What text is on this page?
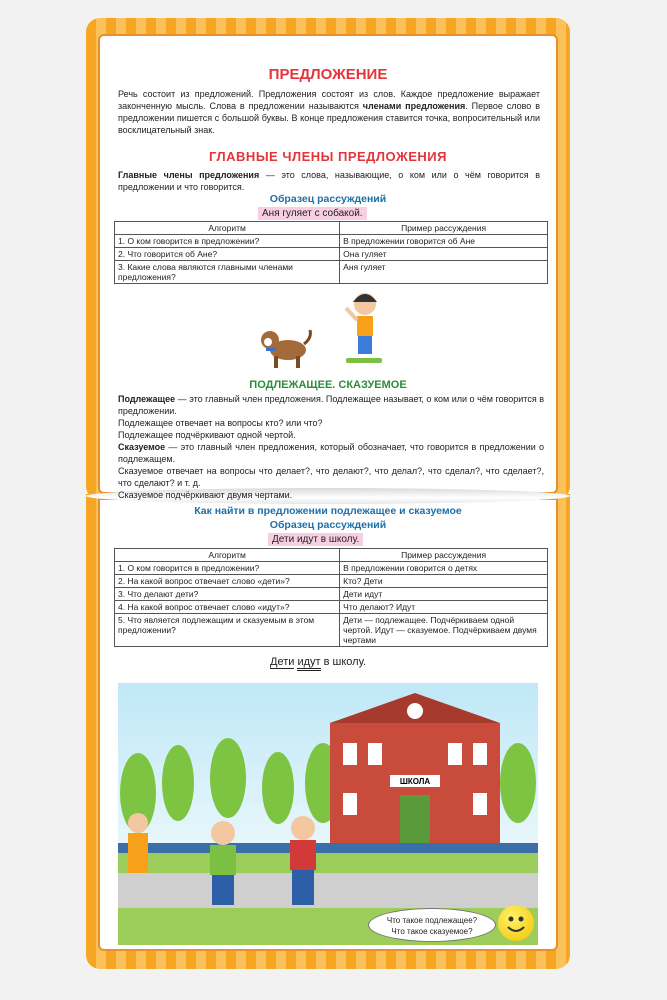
ПРЕДЛОЖЕНИЕ
Речь состоит из предложений. Предложения состоят из слов. Каждое предложение выражает законченную мысль. Слова в предложении называются членами предложения. Первое слово в предложении пишется с большой буквы. В конце предложения ставится точка, вопросительный или восклицательный знак.
ГЛАВНЫЕ ЧЛЕНЫ ПРЕДЛОЖЕНИЯ
Главные члены предложения — это слова, называющие, о ком или о чём говорится в предложении и что говорится.
Образец рассуждений
Аня гуляет с собакой.
Алгоритм	Пример рассуждения
1. О ком говорится в предложении?	В предложении говорится об Ане
2. Что говорится об Ане?	Она гуляет
3. Какие слова являются главными членами предложения?	Аня гуляет
ПОДЛЕЖАЩЕЕ. СКАЗУЕМОЕ
Подлежащее — это главный член предложения. Подлежащее называет, о ком или о чём говорится в предложении.
Подлежащее отвечает на вопросы кто? или что?
Подлежащее подчёркивают одной чертой.
Сказуемое — это главный член предложения, который обозначает, что говорится в предложении о подлежащем.
Сказуемое отвечает на вопросы что делает?, что делают?, что делал?, что сделал?, что сделает?, что сделают? и т. д.
Сказуемое подчёркивают двумя чертами.
Как найти в предложении подлежащее и сказуемое
Образец рассуждений
Дети идут в школу.
Алгоритм	Пример рассуждения
1. О ком говорится в предложении?	В предложении говорится о детях
2. На какой вопрос отвечает слово «дети»?	Кто? Дети
3. Что делают дети?	Дети идут
4. На какой вопрос отвечает слово «идут»?	Что делают? Идут
5. Что является подлежащим и сказуемым в этом предложении?	Дети — подлежащее. Подчёркиваем одной чертой. Идут — сказуемое. Подчёркиваем двумя чертами
Дети идут в школу.
ШКОЛА
Что такое подлежащее?
Что такое сказуемое?
